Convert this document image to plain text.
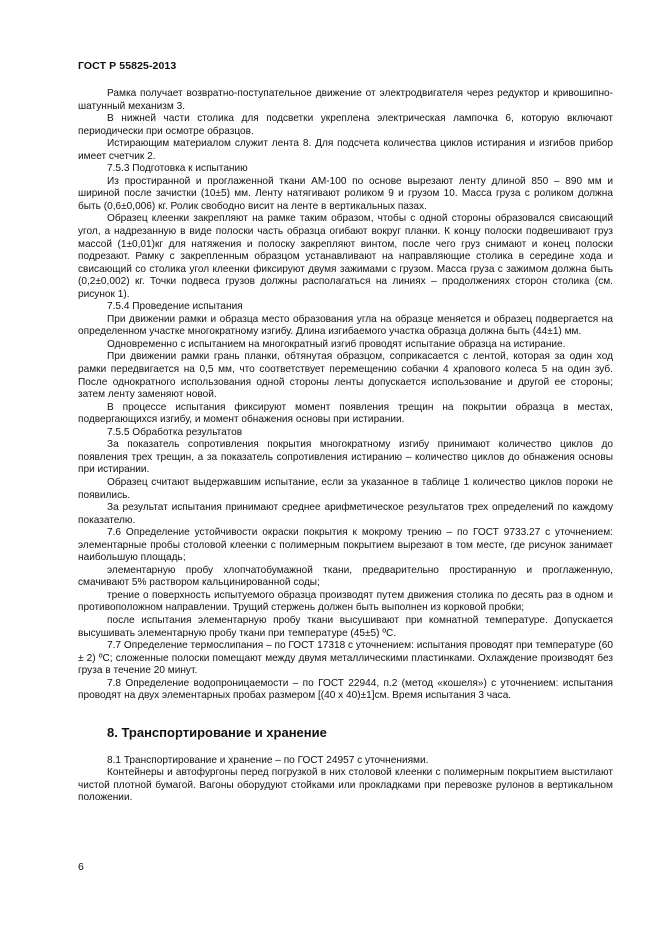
ГОСТ Р 55825-2013

Рамка получает возвратно-поступательное движение от электродвигателя через редуктор и кривошипно-шатунный механизм 3.

В нижней части столика для подсветки укреплена электрическая лампочка 6, которую включают периодически при осмотре образцов.

Истирающим материалом служит лента 8. Для подсчета количества циклов истирания и изгибов прибор имеет счетчик 2.

7.5.3 Подготовка к испытанию

Из простиранной и проглаженной ткани АМ-100 по основе вырезают ленту длиной 850 – 890 мм и шириной после зачистки (10±5) мм. Ленту натягивают роликом 9 и грузом 10. Масса груза с роликом должна быть (0,6±0,006) кг. Ролик свободно висит на ленте в вертикальных пазах.

Образец клеенки закрепляют на рамке таким образом, чтобы с одной стороны образовался свисающий угол, а надрезанную в виде полоски часть образца огибают вокруг планки. К концу полоски подвешивают груз массой (1±0,01)кг для натяжения и полоску закрепляют винтом, после чего груз снимают и конец полоски подрезают. Рамку с закрепленным образцом устанавливают на направляющие столика в середине хода и свисающий со столика угол клеенки фиксируют двумя зажимами с грузом. Масса груза с зажимом должна быть (0,2±0,002) кг. Точки подвеса грузов должны располагаться на линиях – продолжениях сторон столика (см. рисунок 1).

7.5.4 Проведение испытания

При движении рамки и образца место образования угла на образце меняется и образец подвергается на определенном участке многократному изгибу. Длина изгибаемого участка образца должна быть (44±1) мм.

Одновременно с испытанием на многократный изгиб проводят испытание образца на истирание.

При движении рамки грань планки, обтянутая образцом, соприкасается с лентой, которая за один ход рамки передвигается на 0,5 мм, что соответствует перемещению собачки 4 храпового колеса 5 на один зуб. После однократного использования одной стороны ленты допускается использование и другой ее стороны; затем ленту заменяют новой.

В процессе испытания фиксируют момент появления трещин на покрытии образца в местах, подвергающихся изгибу, и момент обнажения основы при истирании.

7.5.5 Обработка результатов

За показатель сопротивления покрытия многократному изгибу принимают количество циклов до появления трех трещин, а за показатель сопротивления истиранию – количество циклов до обнажения основы при истирании.

Образец считают выдержавшим испытание, если за указанное в таблице 1 количество циклов пороки не появились.

За результат испытания принимают среднее арифметическое результатов трех определений по каждому показателю.

7.6 Определение устойчивости окраски покрытия к мокрому трению – по ГОСТ 9733.27 с уточнением: элементарные пробы столовой клеенки с полимерным покрытием вырезают в том месте, где рисунок занимает наибольшую площадь;

элементарную пробу хлопчатобумажной ткани, предварительно простиранную и проглаженную, смачивают 5% раствором кальцинированной соды;

трение о поверхность испытуемого образца производят путем движения столика по десять раз в одном и противоположном направлении. Трущий стержень должен быть выполнен из корковой пробки;

после испытания элементарную пробу ткани высушивают при комнатной температуре. Допускается высушивать элементарную пробу ткани при температуре (45±5) ºС.

7.7 Определение термослипания – по ГОСТ 17318 с уточнением: испытания проводят при температуре (60 ± 2) ºС; сложенные полоски помещают между двумя металлическими пластинками. Охлаждение производят без груза в течение 20 минут.

7.8 Определение водопроницаемости – по ГОСТ 22944, п.2 (метод «кошеля») с уточнением: испытания проводят на двух элементарных пробах размером [(40 х 40)±1]см. Время испытания 3 часа.

8. Транспортирование и хранение

8.1 Транспортирование и хранение – по ГОСТ 24957 с уточнениями.

Контейнеры и автофургоны перед погрузкой в них столовой клеенки с полимерным покрытием выстилают чистой плотной бумагой. Вагоны оборудуют стойками или прокладками при перевозке рулонов в вертикальном положении.

6
